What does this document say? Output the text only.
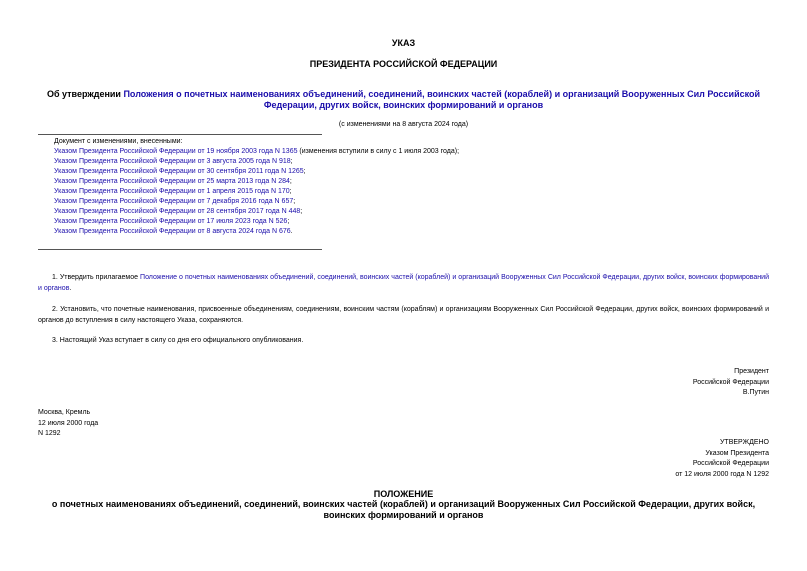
УКАЗ
ПРЕЗИДЕНТА РОССИЙСКОЙ ФЕДЕРАЦИИ
Об утверждении Положения о почетных наименованиях объединений, соединений, воинских частей (кораблей) и организаций Вооруженных Сил Российской Федерации, других войск, воинских формирований и органов
(с изменениями на 8 августа 2024 года)
Документ с изменениями, внесенными:
Указом Президента Российской Федерации от 19 ноября 2003 года N 1365 (изменения вступили в силу с 1 июля 2003 года);
Указом Президента Российской Федерации от 3 августа 2005 года N 918;
Указом Президента Российской Федерации от 30 сентября 2011 года N 1265;
Указом Президента Российской Федерации от 25 марта 2013 года N 284;
Указом Президента Российской Федерации от 1 апреля 2015 года N 170;
Указом Президента Российской Федерации от 7 декабря 2016 года N 657;
Указом Президента Российской Федерации от 28 сентября 2017 года N 448;
Указом Президента Российской Федерации от 17 июля 2023 года N 526;
Указом Президента Российской Федерации от 8 августа 2024 года N 676.
1. Утвердить прилагаемое Положение о почетных наименованиях объединений, соединений, воинских частей (кораблей) и организаций Вооруженных Сил Российской Федерации, других войск, воинских формирований и органов.
2. Установить, что почетные наименования, присвоенные объединениям, соединениям, воинским частям (кораблям) и организациям Вооруженных Сил Российской Федерации, других войск, воинских формирований и органов до вступления в силу настоящего Указа, сохраняются.
3. Настоящий Указ вступает в силу со дня его официального опубликования.
Президент
Российской Федерации
В.Путин
Москва, Кремль
12 июля 2000 года
N 1292
УТВЕРЖДЕНО
Указом Президента
Российской Федерации
от 12 июля 2000 года N 1292
ПОЛОЖЕНИЕ
о почетных наименованиях объединений, соединений, воинских частей (кораблей) и организаций Вооруженных Сил Российской Федерации, других войск, воинских формирований и органов
